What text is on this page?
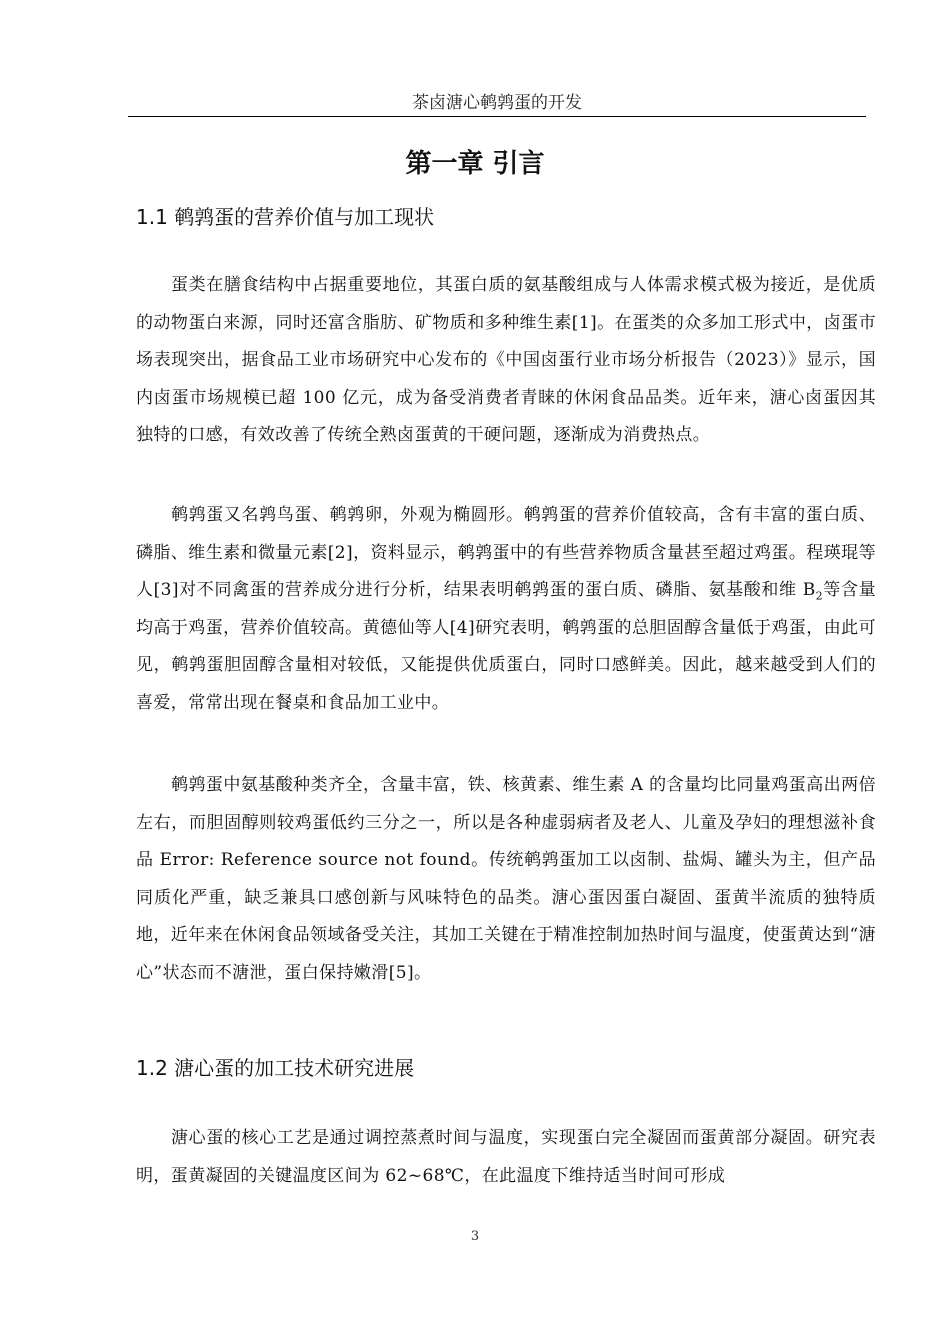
茶卤溏心鹌鹑蛋的开发
第一章 引言
1.1 鹌鹑蛋的营养价值与加工现状

蛋类在膳食结构中占据重要地位，其蛋白质的氨基酸组成与人体需求模式极为接近，是优质的动物蛋白来源，同时还富含脂肪、矿物质和多种维生素[1]。在蛋类的众多加工形式中，卤蛋市场表现突出，据食品工业市场研究中心发布的《中国卤蛋行业市场分析报告（2023）》显示，国内卤蛋市场规模已超 100 亿元，成为备受消费者青睐的休闲食品品类。近年来，溏心卤蛋因其独特的口感，有效改善了传统全熟卤蛋黄的干硬问题，逐渐成为消费热点。

鹌鹑蛋又名鹑鸟蛋、鹌鹑卵，外观为椭圆形。鹌鹑蛋的营养价值较高，含有丰富的蛋白质、磷脂、维生素和微量元素[2]，资料显示，鹌鹑蛋中的有些营养物质含量甚至超过鸡蛋。程瑛琨等人[3]对不同禽蛋的营养成分进行分析，结果表明鹌鹑蛋的蛋白质、磷脂、氨基酸和维 $B_2$等含量均高于鸡蛋，营养价值较高。黄德仙等人[4]研究表明，鹌鹑蛋的总胆固醇含量低于鸡蛋，由此可见，鹌鹑蛋胆固醇含量相对较低，又能提供优质蛋白，同时口感鲜美。因此，越来越受到人们的喜爱，常常出现在餐桌和食品加工业中。

鹌鹑蛋中氨基酸种类齐全，含量丰富，铁、核黄素、维生素 A 的含量均比同量鸡蛋高出两倍左右，而胆固醇则较鸡蛋低约三分之一，所以是各种虚弱病者及老人、儿童及孕妇的理想滋补食品 Error: Reference source not found。传统鹌鹑蛋加工以卤制、盐焗、罐头为主，但产品同质化严重，缺乏兼具口感创新与风味特色的品类。溏心蛋因蛋白凝固、蛋黄半流质的独特质地，近年来在休闲食品领域备受关注，其加工关键在于精准控制加热时间与温度，使蛋黄达到“溏心”状态而不溏泄，蛋白保持嫩滑[5]。

1.2 溏心蛋的加工技术研究进展

溏心蛋的核心工艺是通过调控蒸煮时间与温度，实现蛋白完全凝固而蛋黄部分凝固。研究表明，蛋黄凝固的关键温度区间为 62~68℃，在此温度下维持适当时间可形成

3
